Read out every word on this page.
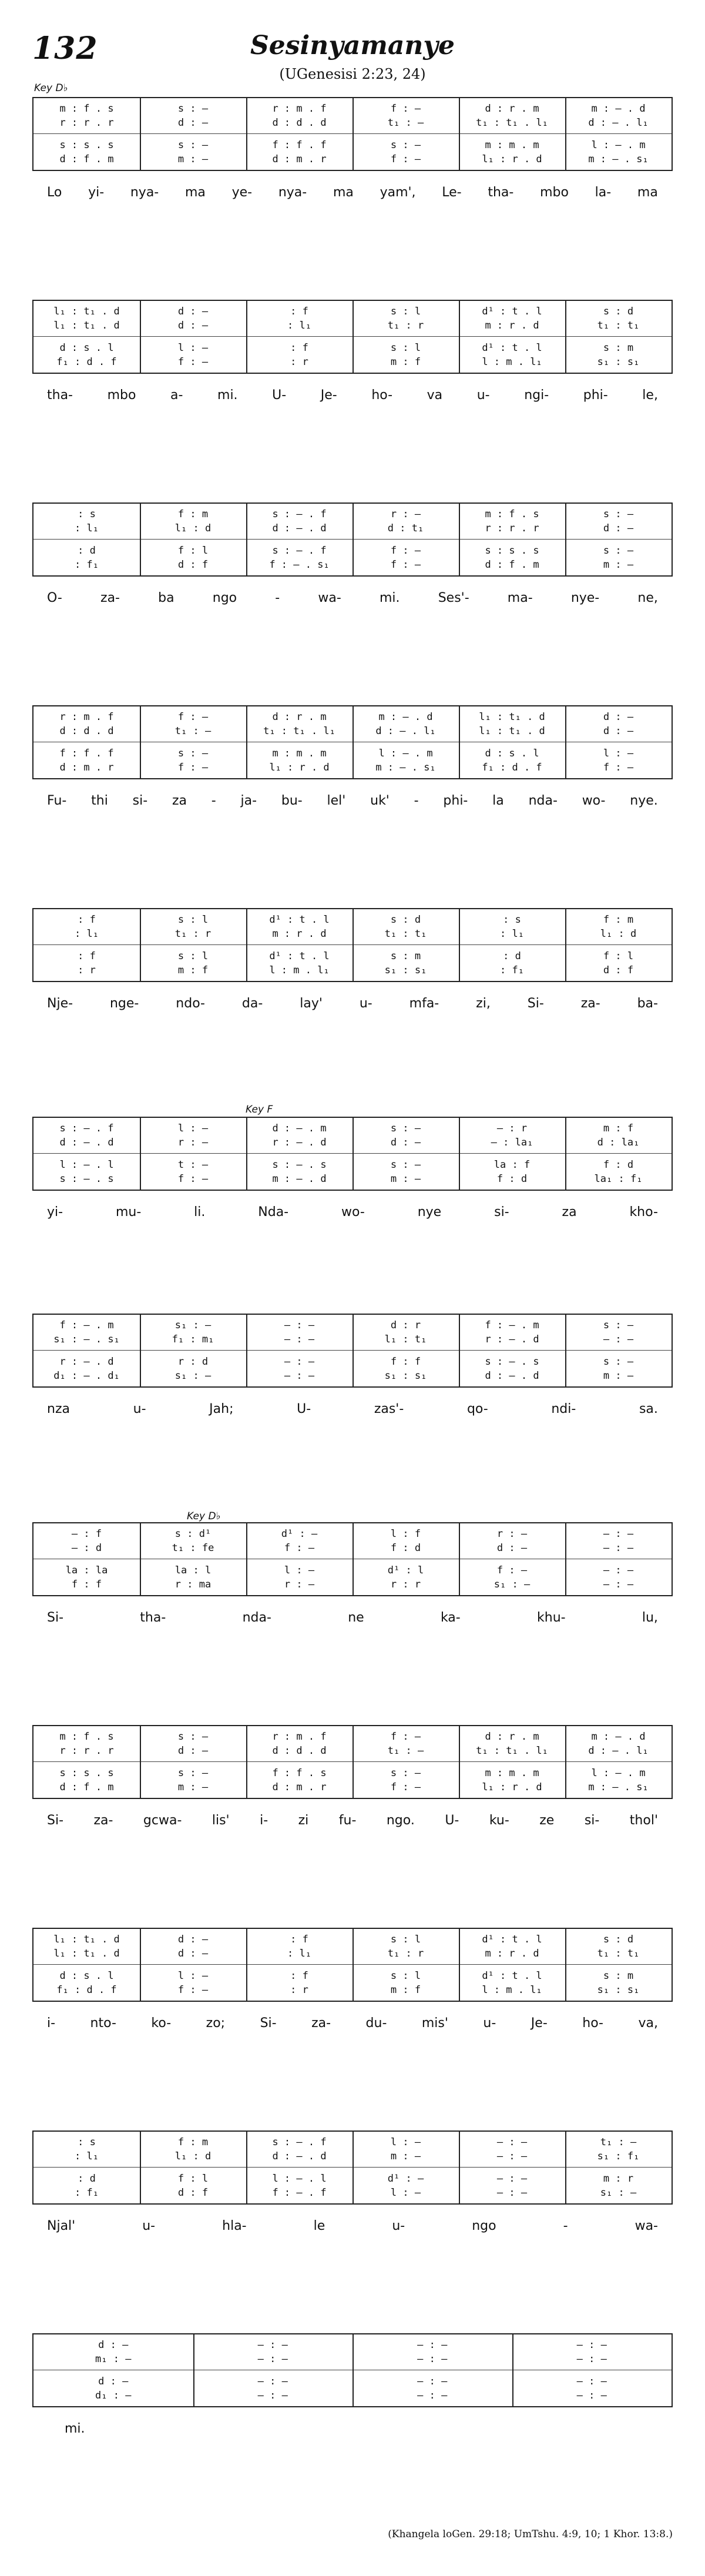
132	Sesinyamanye
(UGenesisi 2:23, 24)
Key D♭
Key F
Key D♭
m : f . s	s : —	r : m . f	f : —	d : r . m	m : — . d
r : r . r	d : —	d : d . d	t₁ : —	t₁ : t₁ . l₁	d : — . l₁
s : s . s	s : —	f : f . f	s : —	m : m . m	l : — . m
d : f . m	m : —	d : m . r	f : —	l₁ : r . d	m : — . s₁
Lo yi- nya- ma ye- nya- ma yam', Le- tha- mbo la- ma
l₁ : t₁ . d	d : —	: f	s : l	d¹ : t . l	s : d
l₁ : t₁ . d	d : —	: l₁	t₁ : r	m : r . d	t₁ : t₁
d : s . l	l : —	: f	s : l	d¹ : t . l	s : m
f₁ : d . f	f : —	: r	m : f	l : m . l₁	s₁ : s₁
tha-	mbo	a-	mi.	U-	Je-	ho-	va	u-	ngi-	phi-	le,
: s	f : m	s : — . f	r : —	m : f . s	s : —
: l₁	l₁ : d	d : — . d	d : t₁	r : r . r	d : —
: d	f : l	s : — . f	f : —	s : s . s	s : —
: f₁	d : f	f : — . s₁	f : —	d : f . m	m : —
O-	za-	ba	ngo	-	wa-	mi.	Ses'-	ma-	nye-	ne,
r : m . f	f : —	d : r . m	m : — . d	l₁ : t₁ . d	d : —
d : d . d	t₁ : —	t₁ : t₁ . l₁	d : — . l₁	l₁ : t₁ . d	d : —
f : f . f	s : —	m : m . m	l : — . m	d : s . l	l : —
d : m . r	f : —	l₁ : r . d	m : — . s₁	f₁ : d . f	f : —
Fu- thi si- za - ja- bu- lel' uk' - phi- la nda- wo- nye.
: f	s : l	d¹ : t . l	s : d	: s	f : m
: l₁	t₁ : r	m : r . d	t₁ : t₁	: l₁	l₁ : d
: f	s : l	d¹ : t . l	s : m	: d	f : l
: r	m : f	l : m . l₁	s₁ : s₁	: f₁	d : f
Nje-	nge-	ndo-	da-	lay'	u-	mfa-	zi,	Si-	za-	ba-
s : — . f	l : —	d : — . m	s : —	— : r	m : f
d : — . d	r : —	r : — . d	d : —	— : la₁	d : la₁
l : — . l	t : —	s : — . s	s : —	la : f	f : d
s : — . s	f : —	m : — . d	m : —	f : d	la₁ : f₁
yi-	mu-	li.	Nda-	wo-	nye	si-	za	kho-
f : — . m	s₁ : —	— : —	d : r	f : — . m	s : —
s₁ : — . s₁	f₁ : m₁	— : —	l₁ : t₁	r : — . d	— : —
r : — . d	r : d	— : —	f : f	s : — . s	s : —
d₁ : — . d₁	s₁ : —	— : —	s₁ : s₁	d : — . d	m : —
nza	u-	Jah;	U-	zas'-	qo-	ndi-	sa.
— : f	s : d¹	d¹ : —	l : f	r : —	— : —
— : d	t₁ : fe	f : —	f : d	d : —	— : —
la : la	la : l	l : —	d¹ : l	f : —	— : —
f : f	r : ma	r : —	r : r	s₁ : —	— : —
Si-	tha-	nda-	ne	ka-	khu-	lu,
m : f . s	s : —	r : m . f	f : —	d : r . m	m : — . d
r : r . r	d : —	d : d . d	t₁ : —	t₁ : t₁ . l₁	d : — . l₁
s : s . s	s : —	f : f . s	s : —	m : m . m	l : — . m
d : f . m	m : —	d : m . r	f : —	l₁ : r . d	m : — . s₁
Si- za- gcwa- lis' i- zi fu- ngo. U- ku- ze si- thol'
l₁ : t₁ . d	d : —	: f	s : l	d¹ : t . l	s : d
l₁ : t₁ . d	d : —	: l₁	t₁ : r	m : r . d	t₁ : t₁
d : s . l	l : —	: f	s : l	d¹ : t . l	s : m
f₁ : d . f	f : —	: r	m : f	l : m . l₁	s₁ : s₁
i-	nto-	ko-	zo;	Si-	za-	du-	mis'	u-	Je-	ho-	va,
: s	f : m	s : — . f	l : —	— : —	t₁ : —
: l₁	l₁ : d	d : — . d	m : —	— : —	s₁ : f₁
: d	f : l	l : — . l	d¹ : —	— : —	m : r
: f₁	d : f	f : — . f	l : —	— : —	s₁ : —
Njal'	u-	hla-	le	u-	ngo	-	wa-
d : —	— : —	— : —	— : —
m₁ : —	— : —	— : —	— : —
d : —	— : —	— : —	— : —
d₁ : —	— : —	— : —	— : —
mi.
(Khangela loGen. 29:18; UmTshu. 4:9, 10; 1 Khor. 13:8.)
